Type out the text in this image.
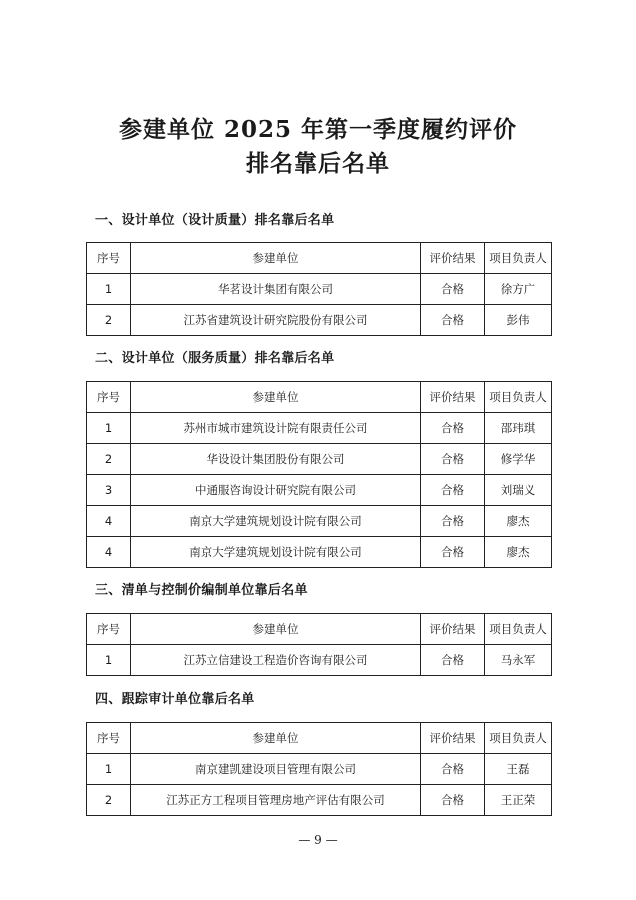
参建单位 2025 年第一季度履约评价
排名靠后名单
一、设计单位（设计质量）排名靠后名单
序号	参建单位	评价结果	项目负责人
1	华茗设计集团有限公司	合格	徐方广
2	江苏省建筑设计研究院股份有限公司	合格	彭伟
二、设计单位（服务质量）排名靠后名单
序号	参建单位	评价结果	项目负责人
1	苏州市城市建筑设计院有限责任公司	合格	邵玮琪
2	华设设计集团股份有限公司	合格	修学华
3	中通服咨询设计研究院有限公司	合格	刘瑞义
4	南京大学建筑规划设计院有限公司	合格	廖杰
4	南京大学建筑规划设计院有限公司	合格	廖杰
三、清单与控制价编制单位靠后名单
序号	参建单位	评价结果	项目负责人
1	江苏立信建设工程造价咨询有限公司	合格	马永军
四、跟踪审计单位靠后名单
序号	参建单位	评价结果	项目负责人
1	南京建凯建设项目管理有限公司	合格	王磊
2	江苏正方工程项目管理房地产评估有限公司	合格	王正荣
— 9 —
